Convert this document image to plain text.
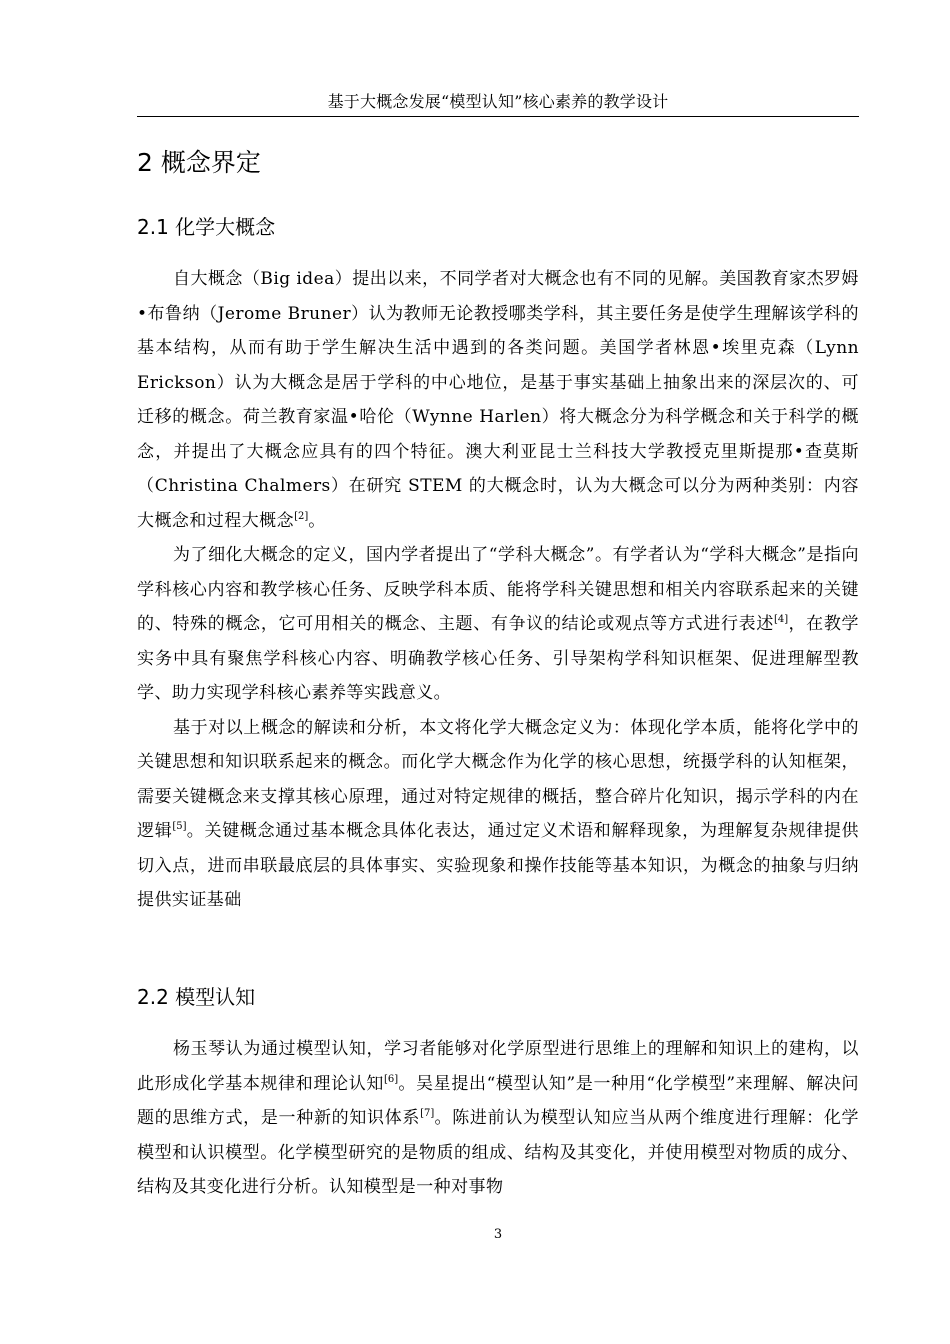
基于大概念发展“模型认知”核心素养的教学设计
2 概念界定
2.1 化学大概念

自大概念（Big idea）提出以来，不同学者对大概念也有不同的见解。美国教育家杰罗姆•布鲁纳（Jerome Bruner）认为教师无论教授哪类学科，其主要任务是使学生理解该学科的基本结构，从而有助于学生解决生活中遇到的各类问题。美国学者林恩•埃里克森（Lynn Erickson）认为大概念是居于学科的中心地位，是基于事实基础上抽象出来的深层次的、可迁移的概念。荷兰教育家温•哈伦（Wynne Harlen）将大概念分为科学概念和关于科学的概念，并提出了大概念应具有的四个特征。澳大利亚昆士兰科技大学教授克里斯提那•查莫斯（Christina Chalmers）在研究 STEM 的大概念时，认为大概念可以分为两种类别：内容大概念和过程大概念[2]。

为了细化大概念的定义，国内学者提出了“学科大概念”。有学者认为“学科大概念”是指向学科核心内容和教学核心任务、反映学科本质、能将学科关键思想和相关内容联系起来的关键的、特殊的概念，它可用相关的概念、主题、有争议的结论或观点等方式进行表述[4]，在教学实务中具有聚焦学科核心内容、明确教学核心任务、引导架构学科知识框架、促进理解型教学、助力实现学科核心素养等实践意义。

基于对以上概念的解读和分析，本文将化学大概念定义为：体现化学本质，能将化学中的关键思想和知识联系起来的概念。而化学大概念作为化学的核心思想，统摄学科的认知框架，需要关键概念来支撑其核心原理，通过对特定规律的概括，整合碎片化知识，揭示学科的内在逻辑[5]。关键概念通过基本概念具体化表达，通过定义术语和解释现象，为理解复杂规律提供切入点，进而串联最底层的具体事实、实验现象和操作技能等基本知识，为概念的抽象与归纳提供实证基础

2.2 模型认知

杨玉琴认为通过模型认知，学习者能够对化学原型进行思维上的理解和知识上的建构，以此形成化学基本规律和理论认知[6]。吴星提出“模型认知”是一种用“化学模型”来理解、解决问题的思维方式，是一种新的知识体系[7]。陈进前认为模型认知应当从两个维度进行理解：化学模型和认识模型。化学模型研究的是物质的组成、结构及其变化，并使用模型对物质的成分、结构及其变化进行分析。认知模型是一种对事物

3
